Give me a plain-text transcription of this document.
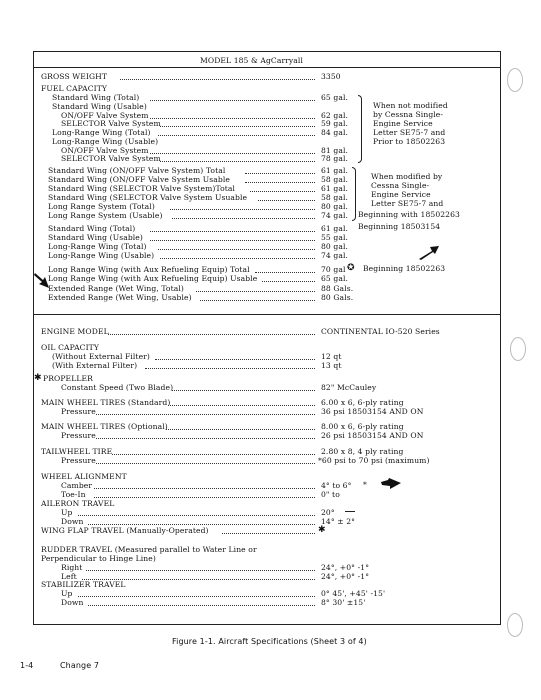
MODEL 185 & AgCarryall
GROSS WEIGHT	3350
FUEL CAPACITY
Standard Wing (Total)	65 gal.
Standard Wing (Usable)
ON/OFF Valve System	62 gal.
SELECTOR Valve System	59 gal.
Long-Range Wing (Total)	84 gal.
Long-Range Wing (Usable)
ON/OFF Valve System	81 gal.
SELECTOR Valve System	78 gal.
When not modified
by Cessna Single-
Engine Service
Letter SE75-7 and
Prior to 18502263
Standard Wing (ON/OFF Valve System) Total	61 gal.
Standard Wing (ON/OFF Valve System Usable	58 gal.
Standard Wing (SELECTOR Valve System)Total	61 gal.
Standard Wing (SELECTOR Valve System Usuable	58 gal.
Long Range System (Total)	80 gal.
Long Range System (Usable)	74 gal.
When modified by
Cessna Single-
Engine Service
Letter SE75-7 and
Beginning with 18502263
Standard Wing (Total)	61 gal. Beginning 18503154
Standard Wing (Usable)	55 gal.
Long-Range Wing (Total)	80 gal.
Long-Range Wing (Usable)	74 gal.
Long Range Wing (with Aux Refueling Equip) Total	70 gal ✪ Beginning 18502263
Long Range Wing (with Aux Refueling Equip) Usable	65 gal.
Extended Range (Wet Wing, Total)	88 Gals.
Extended Range (Wet Wing, Usable)	80 Gals.
ENGINE MODEL	CONTINENTAL IO-520 Series
OIL CAPACITY
(Without External Filter)	12 qt
(With External Filter)	13 qt
✱ PROPELLER
Constant Speed (Two Blade)	82" McCauley
MAIN WHEEL TIRES (Standard)	6.00 x 6, 6-ply rating
Pressure	36 psi 18503154 AND ON
MAIN WHEEL TIRES (Optional)	8.00 x 6, 6-ply rating
Pressure	26 psi 18503154 AND ON
TAILWHEEL TIRE	2.80 x 8, 4 ply rating
Pressure	*60 psi to 70 psi (maximum)
WHEEL ALIGNMENT
Camber	4° to 6° *
Toe-In	0" to
AILERON TRAVEL
Up	20°
Down	14° ± 2°
WING FLAP TRAVEL (Manually-Operated)	✱
RUDDER TRAVEL (Measured parallel to Water Line or
Perpendicular to Hinge Line)
Right	24°, +0° -1°
Left	24°, +0° -1°
STABILIZER TRAVEL
Up	0° 45', +45' -15'
Down	8° 30' ±15'
Figure 1-1. Aircraft Specifications (Sheet 3 of 4)
1-4	Change 7
